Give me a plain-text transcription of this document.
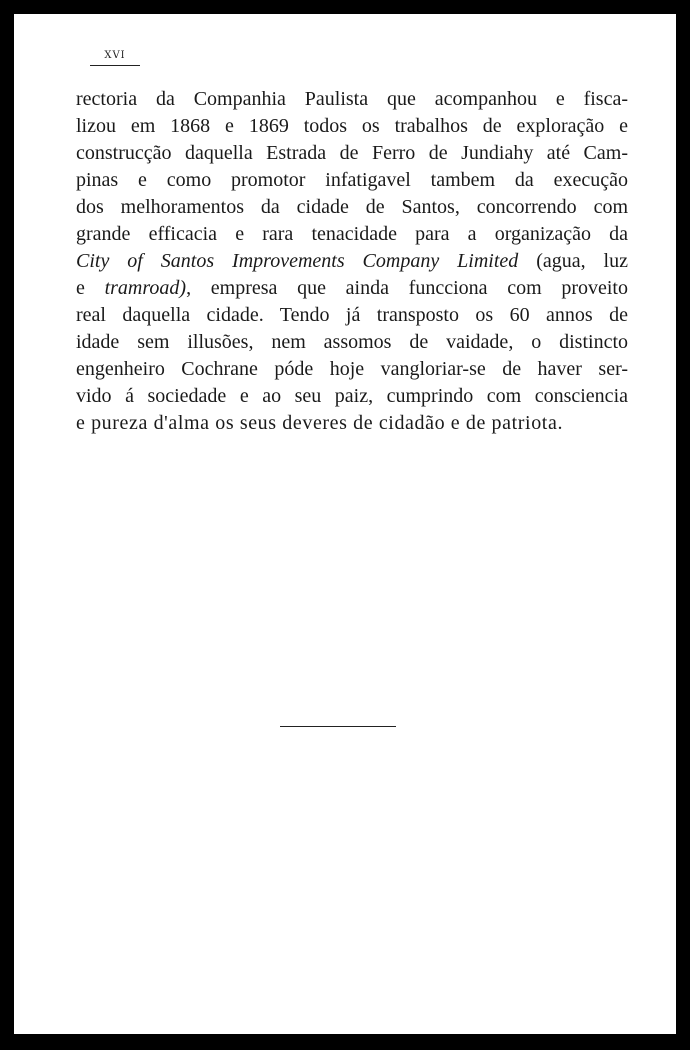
XVI

rectoria da Companhia Paulista que acompanhou e fisca-
lizou em 1868 e 1869 todos os trabalhos de exploração e
construcção daquella Estrada de Ferro de Jundiahy até Cam-
pinas e como promotor infatigavel tambem da execução
dos melhoramentos da cidade de Santos, concorrendo com
grande efficacia e rara tenacidade para a organização da
City of Santos Improvements Company Limited (agua, luz
e tramroad), empresa que ainda funcciona com proveito
real daquella cidade. Tendo já transposto os 60 annos de
idade sem illusões, nem assomos de vaidade, o distincto
engenheiro Cochrane póde hoje vangloriar-se de haver ser-
vido á sociedade e ao seu paiz, cumprindo com consciencia
e pureza d'alma os seus deveres de cidadão e de patriota.
